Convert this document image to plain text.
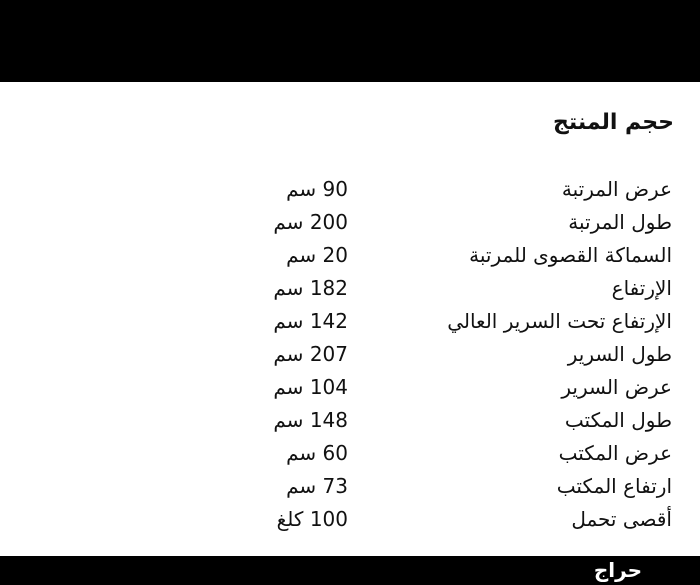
حجم المنتج
عرض المرتبة
90 سم
طول المرتبة
200 سم
السماكة القصوى للمرتبة
20 سم
الإرتفاع
182 سم
الإرتفاع تحت السرير العالي
142 سم
طول السرير
207 سم
عرض السرير
104 سم
طول المكتب
148 سم
عرض المكتب
60 سم
ارتفاع المكتب
73 سم
أقصى تحمل
100 كلغ
حراج
